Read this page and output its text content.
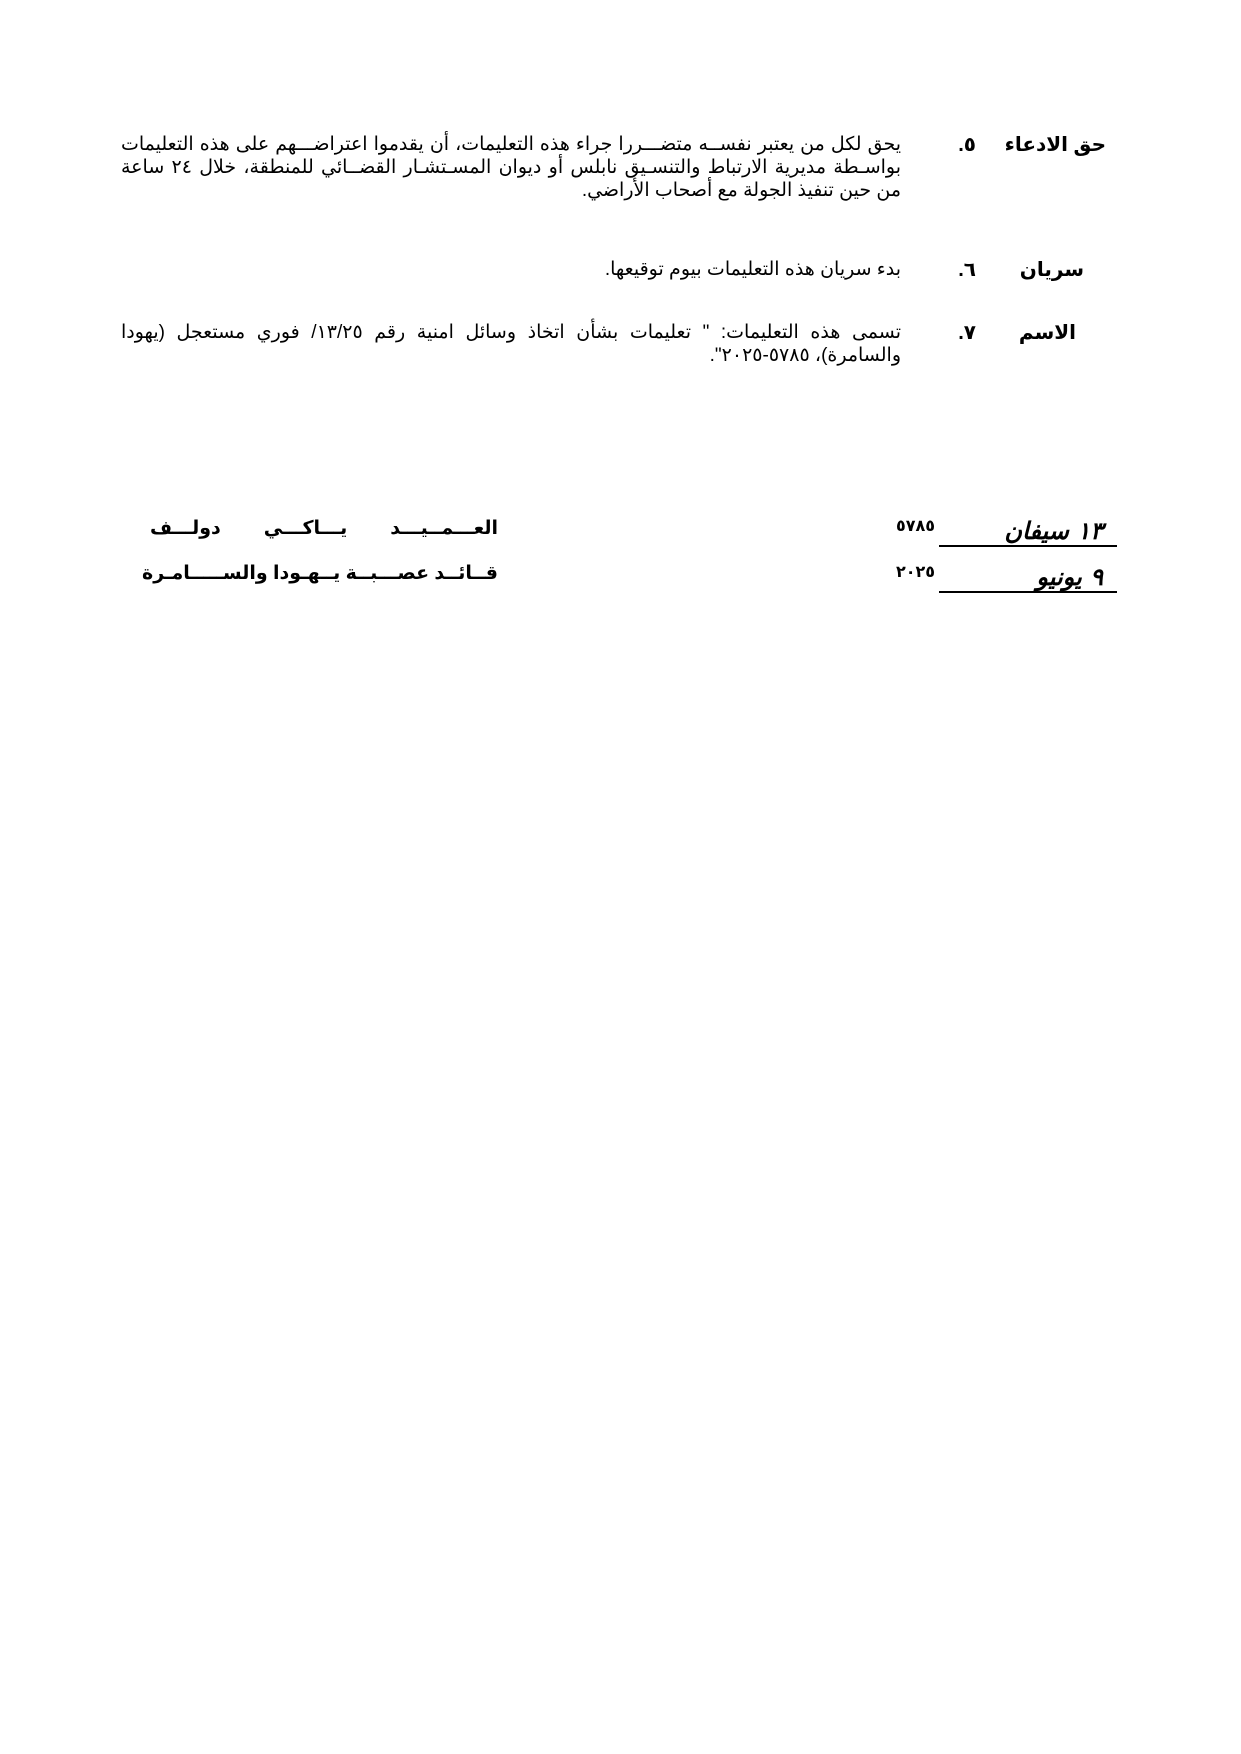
حق الادعاء
٥.
يحق لكل من يعتبر نفســه متضـــررا جراء هذه التعليمات، أن يقدموا اعتراضـــهم على هذه التعليمات بواسـطة مديرية الارتباط والتنسـيق نابلس أو ديوان المسـتشـار القضــائي للمنطقة، خلال ٢٤ ساعة من حين تنفيذ الجولة مع أصحاب الأراضي.
سريان
٦.
بدء سريان هذه التعليمات بيوم توقيعها.
الاسم
٧.
تسمى هذه التعليمات: " تعليمات بشأن اتخاذ وسائل امنية رقم ١٣/٢٥/ فوري مستعجل (يهودا والسامرة)، ٥٧٨٥-٢٠٢٥".
العـــمــيـــد يـــاكـــي دولـــف
قــائــد عصـــبــة يــهـودا والســـــامـرة
١٣ سيفان٥٧٨٥
٩ يونيو٢٠٢٥
